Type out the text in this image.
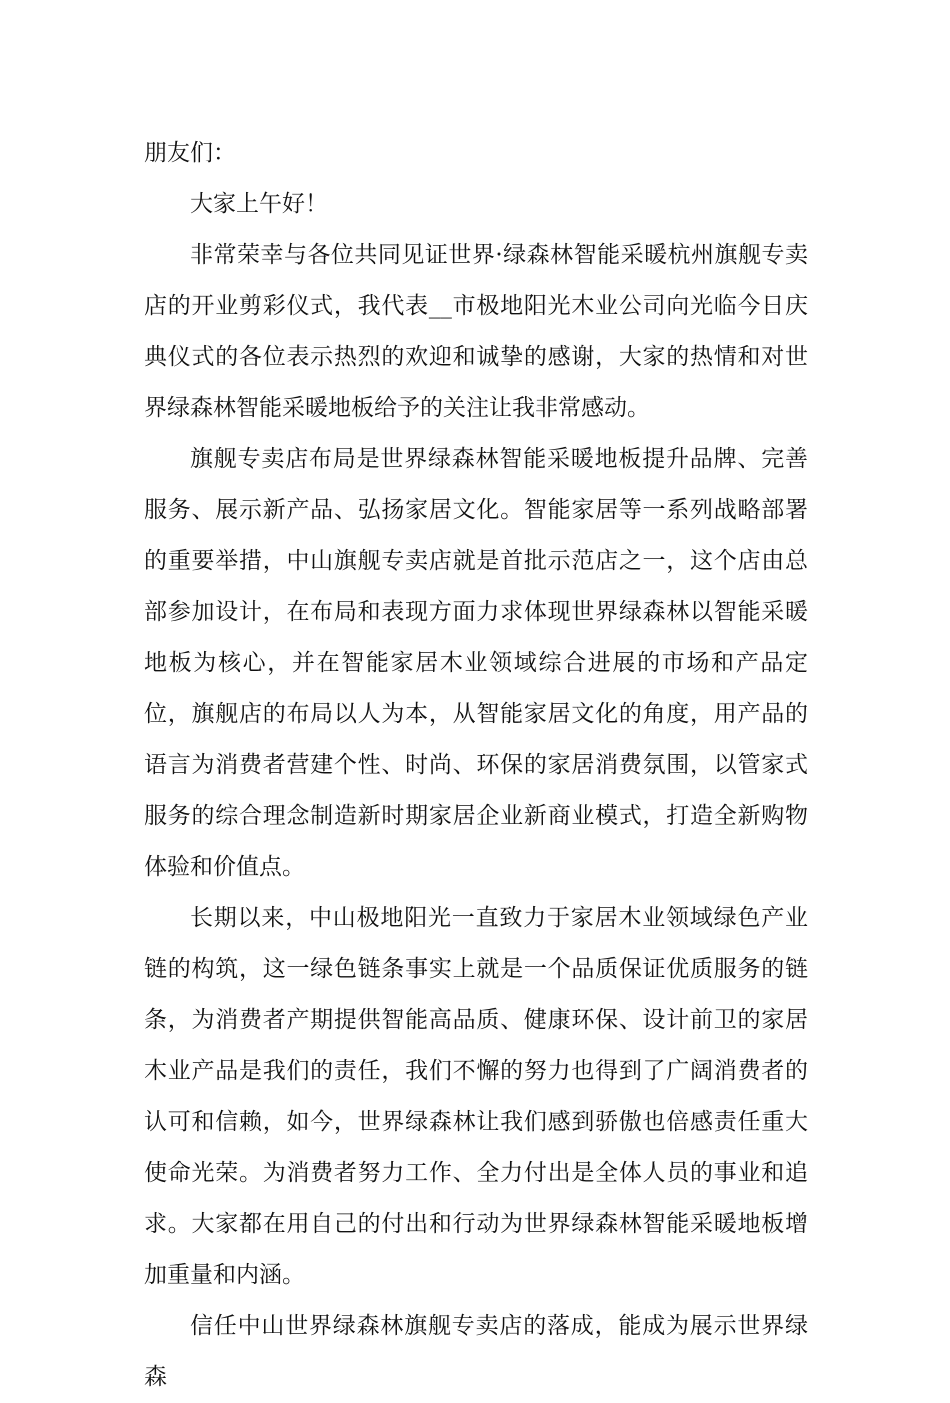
朋友们：

大家上午好！

非常荣幸与各位共同见证世界·绿森林智能采暖杭州旗舰专卖店的开业剪彩仪式，我代表__市极地阳光木业公司向光临今日庆典仪式的各位表示热烈的欢迎和诚挚的感谢，大家的热情和对世界绿森林智能采暖地板给予的关注让我非常感动。

旗舰专卖店布局是世界绿森林智能采暖地板提升品牌、完善服务、展示新产品、弘扬家居文化。智能家居等一系列战略部署的重要举措，中山旗舰专卖店就是首批示范店之一，这个店由总部参加设计，在布局和表现方面力求体现世界绿森林以智能采暖地板为核心，并在智能家居木业领域综合进展的市场和产品定位，旗舰店的布局以人为本，从智能家居文化的角度，用产品的语言为消费者营建个性、时尚、环保的家居消费氛围，以管家式服务的综合理念制造新时期家居企业新商业模式，打造全新购物体验和价值点。

长期以来，中山极地阳光一直致力于家居木业领域绿色产业链的构筑，这一绿色链条事实上就是一个品质保证优质服务的链条，为消费者产期提供智能高品质、健康环保、设计前卫的家居木业产品是我们的责任，我们不懈的努力也得到了广阔消费者的认可和信赖，如今，世界绿森林让我们感到骄傲也倍感责任重大使命光荣。为消费者努力工作、全力付出是全体人员的事业和追求。大家都在用自己的付出和行动为世界绿森林智能采暖地板增加重量和内涵。

信任中山世界绿森林旗舰专卖店的落成，能成为展示世界绿森
